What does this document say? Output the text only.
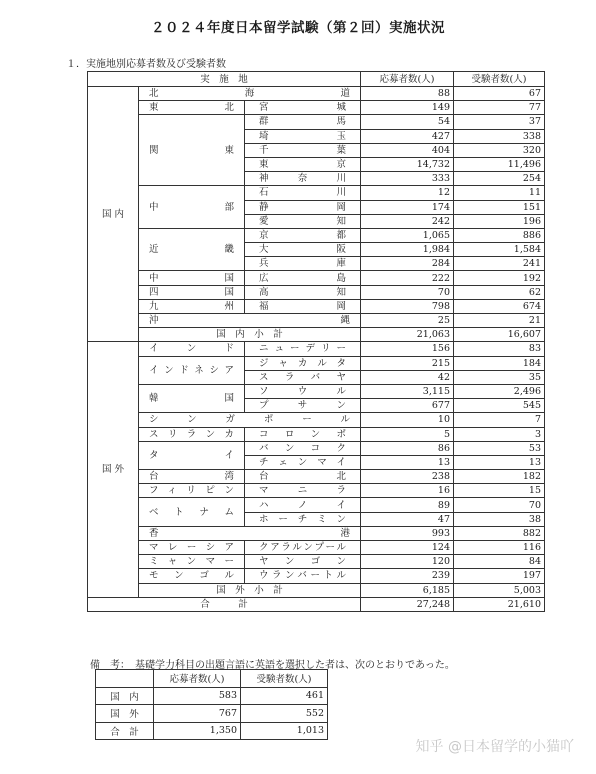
２０２４年度日本留学試験（第２回）実施状況
１．実施地別応募者数及び受験者数
実　施　地			応募者数(人)	受験者数(人)
国 内	北　海　道		88	67
	東　　北	宮　　城	149	77
	関　　東	群　　馬	54	37
		埼　　玉	427	338
		千　　葉	404	320
		東　　京	14,732	11,496
		神　奈　川	333	254
	中　　部	石　　川	12	11
		静　　岡	174	151
		愛　　知	242	196
	近　　畿	京　　都	1,065	886
		大　　阪	1,984	1,584
		兵　　庫	284	241
	中　　国	広　　島	222	192
	四　　国	高　　知	70	62
	九　　州	福　　岡	798	674
	沖　　縄		25	21
	国　内　小　計		21,063	16,607
国 外	イ　ン　ド	ニューデリー	156	83
	インドネシア	ジャカルタ	215	184
		スラバヤ	42	35
	韓　　国	ソ　ウ　ル	3,115	2,496
		プ　サ　ン	677	545
	シンガポール		10	7
	スリランカ	コ　ロ　ン　ボ	5	3
	タ　　イ	バ　ン　コ　ク	86	53
		チェンマイ	13	13
	台　　湾	台　　北	238	182
	フィリピン	マ　ニ　ラ	16	15
	ベ　ト　ナ　ム	ハ　ノ　イ	89	70
		ホーチミン	47	38
	香　　港		993	882
	マレーシア	クアラルンプール	124	116
	ミャンマー	ヤ　ン　ゴ　ン	120	84
	モ　ン　ゴ　ル	ウランバートル	239	197
	国　外　小　計		6,185	5,003
合　　　計			27,248	21,610
備　考：　基礎学力科目の出題言語に英語を選択した者は、次のとおりであった。
	応募者数(人)	受験者数(人)
国　内	583	461
国　外	767	552
合　計	1,350	1,013
知乎 @日本留学的小猫吖
